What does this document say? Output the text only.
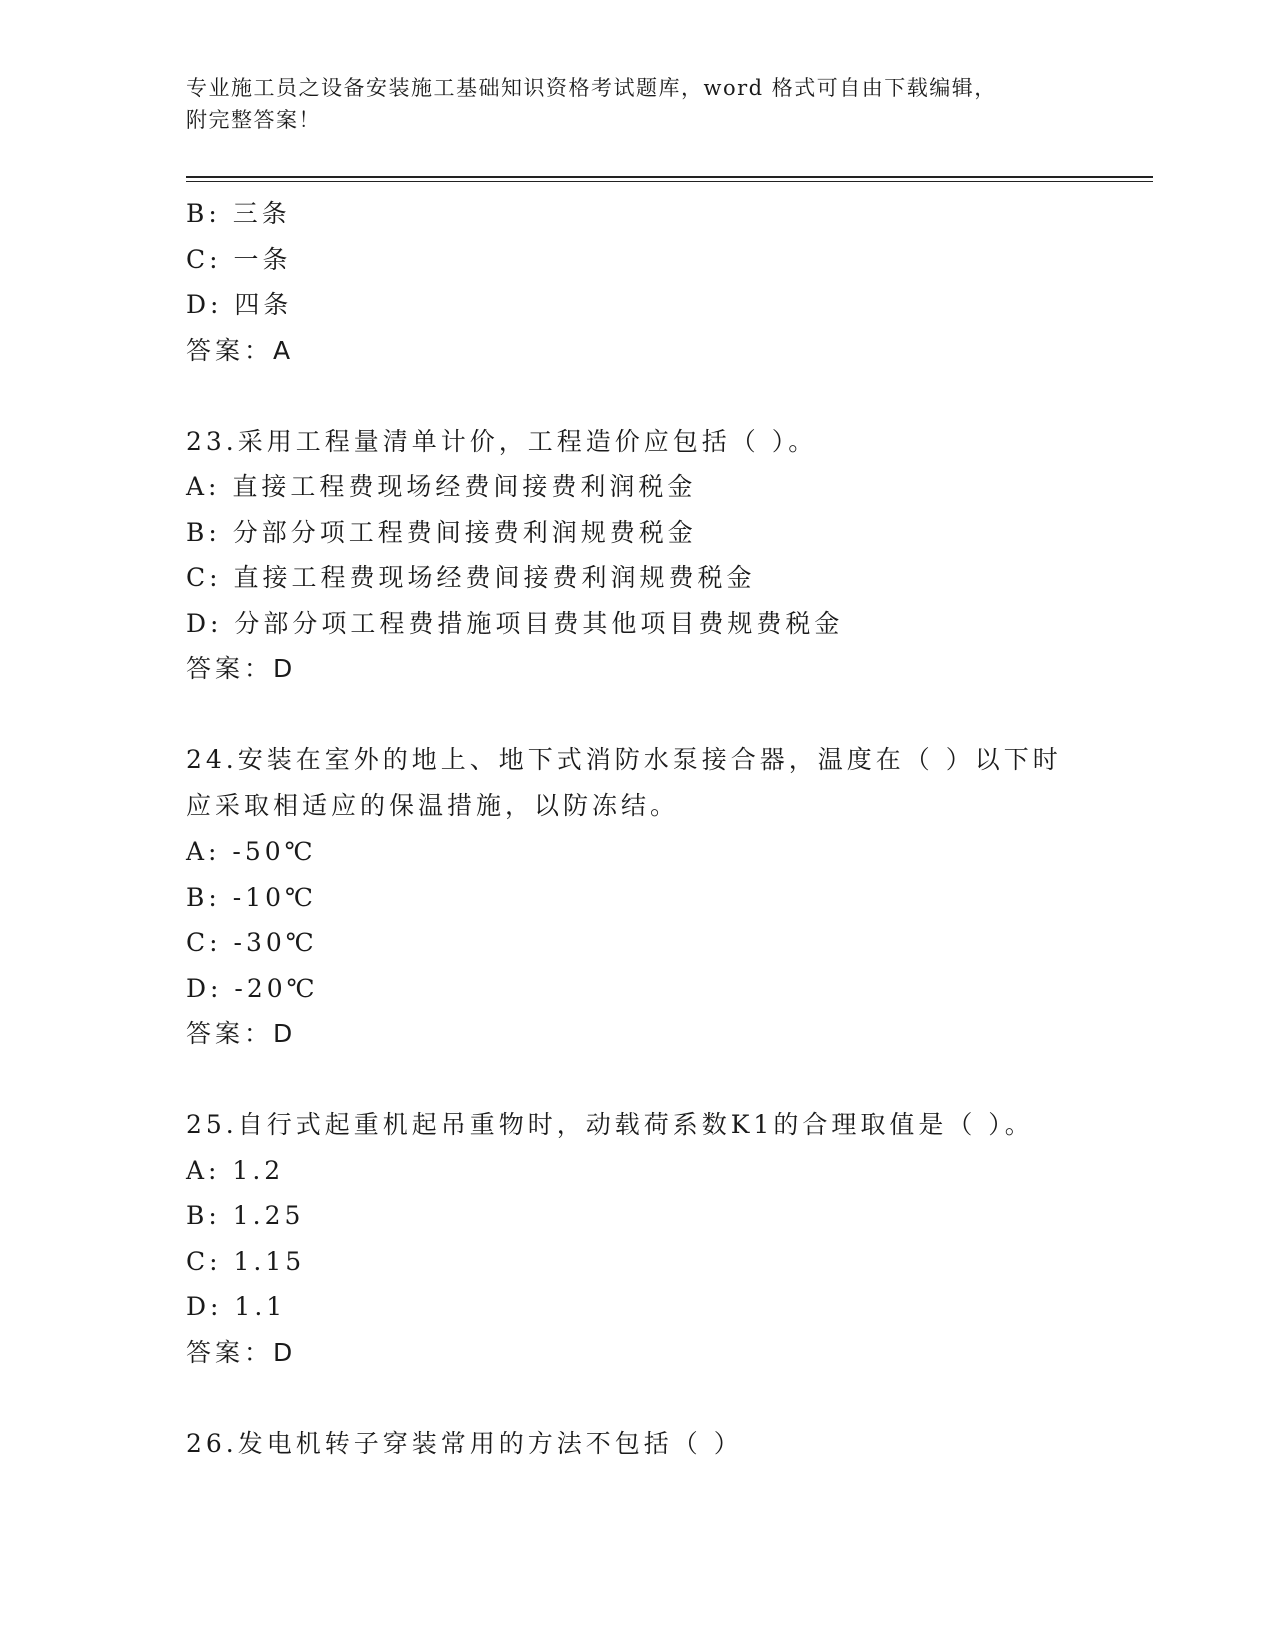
专业施工员之设备安装施工基础知识资格考试题库，word 格式可自由下载编辑，
附完整答案！
B: 三条
C: 一条
D: 四条
答案：A
23.采用工程量清单计价，工程造价应包括（ ）。
A: 直接工程费现场经费间接费利润税金
B: 分部分项工程费间接费利润规费税金
C: 直接工程费现场经费间接费利润规费税金
D: 分部分项工程费措施项目费其他项目费规费税金
答案：D
24.安装在室外的地上、地下式消防水泵接合器，温度在（ ）以下时应采取相适应的保温措施，以防冻结。
A: -50℃
B: -10℃
C: -30℃
D: -20℃
答案：D
25.自行式起重机起吊重物时，动载荷系数K1的合理取值是（ ）。
A: 1.2
B: 1.25
C: 1.15
D: 1.1
答案：D
26.发电机转子穿装常用的方法不包括（ ）
